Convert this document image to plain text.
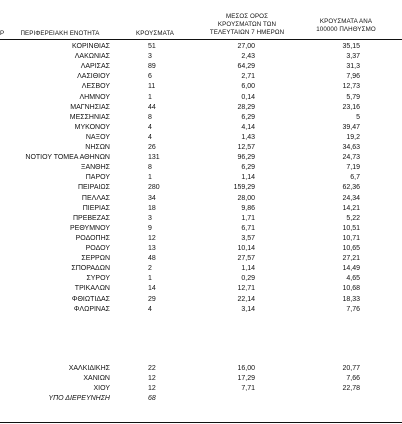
Ρ	ΠΕΡΙΦΕΡΕΙΑΚΗ ΕΝΟΤΗΤΑ	ΚΡΟΥΣΜΑΤΑ
ΜΕΣΟΣ ΟΡΟΣ
ΚΡΟΥΣΜΑΤΩΝ ΤΩΝ
ΤΕΛΕΥΤΑΙΩΝ 7 ΗΜΕΡΩΝ
ΚΡΟΥΣΜΑΤΑ ΑΝΑ
100000 ΠΛΗΘΥΣΜΟ
ΚΟΡΙΝΘΙΑΣ	51	27,00	35,15
ΛΑΚΩΝΙΑΣ	3	2,43	3,37
ΛΑΡΙΣΑΣ	89	64,29	31,3
ΛΑΣΙΘΙΟΥ	6	2,71	7,96
ΛΕΣΒΟΥ	11	6,00	12,73
ΛΗΜΝΟΥ	1	0,14	5,79
ΜΑΓΝΗΣΙΑΣ	44	28,29	23,16
ΜΕΣΣΗΝΙΑΣ	8	6,29	5
ΜΥΚΟΝΟΥ	4	4,14	39,47
ΝΑΞΟΥ	4	1,43	19,2
ΝΗΣΩΝ	26	12,57	34,63
ΝΟΤΙΟΥ ΤΟΜΕΑ ΑΘΗΝΩΝ	131	96,29	24,73
ΞΑΝΘΗΣ	8	6,29	7,19
ΠΑΡΟΥ	1	1,14	6,7
ΠΕΙΡΑΙΩΣ	280	159,29	62,36
ΠΕΛΛΑΣ	34	28,00	24,34
ΠΙΕΡΙΑΣ	18	9,86	14,21
ΠΡΕΒΕΖΑΣ	3	1,71	5,22
ΡΕΘΥΜΝΟΥ	9	6,71	10,51
ΡΟΔΟΠΗΣ	12	3,57	10,71
ΡΟΔΟΥ	13	10,14	10,65
ΣΕΡΡΩΝ	48	27,57	27,21
ΣΠΟΡΑΔΩΝ	2	1,14	14,49
ΣΥΡΟΥ	1	0,29	4,65
ΤΡΙΚΑΛΩΝ	14	12,71	10,68
ΦΘΙΩΤΙΔΑΣ	29	22,14	18,33
ΦΛΩΡΙΝΑΣ	4	3,14	7,76
ΧΑΛΚΙΔΙΚΗΣ	22	16,00	20,77
ΧΑΝΙΩΝ	12	17,29	7,66
ΧΙΟΥ	12	7,71	22,78
ΥΠΟ ΔΙΕΡΕΥΝΗΣΗ	68
